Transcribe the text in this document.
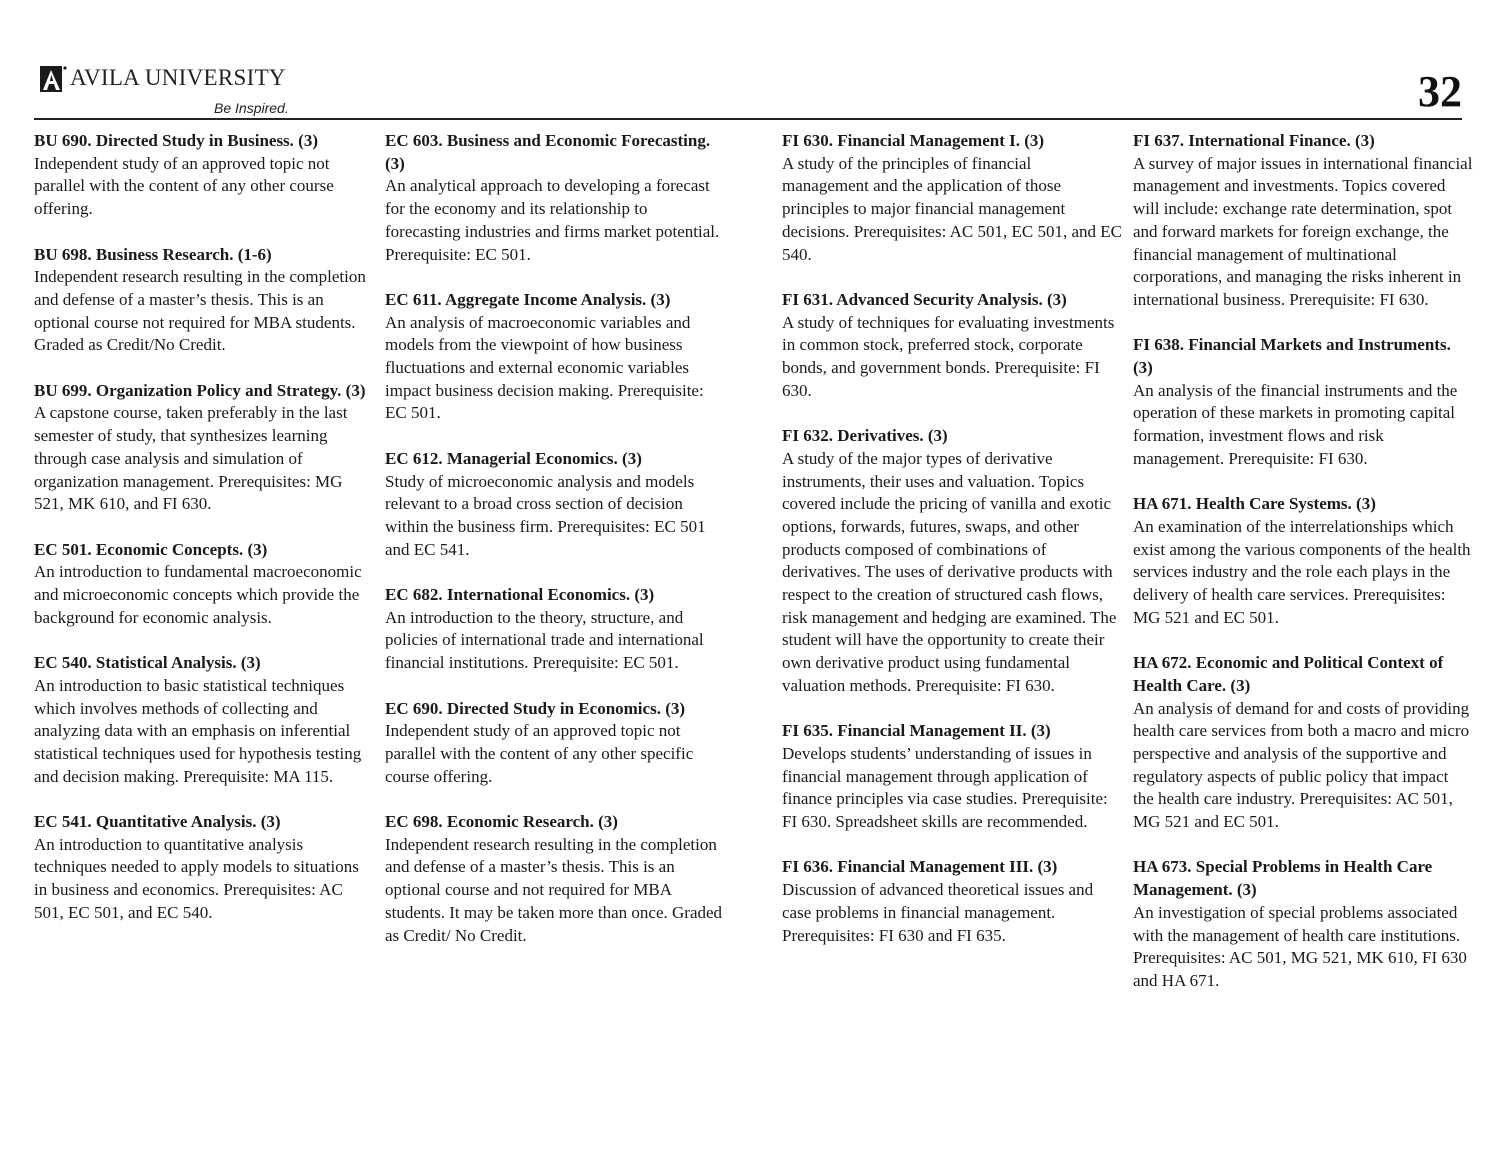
AVILA UNIVERSITY
Be Inspired.	32
BU 690. Directed Study in Business. (3)
Independent study of an approved topic not parallel with the content of any other course offering.
BU 698. Business Research. (1-6)
Independent research resulting in the completion and defense of a master’s thesis. This is an optional course not required for MBA students. Graded as Credit/No Credit.
BU 699. Organization Policy and Strategy. (3)
A capstone course, taken preferably in the last semester of study, that synthesizes learning through case analysis and simulation of organization management. Prerequisites: MG 521, MK 610, and FI 630.
EC 501. Economic Concepts. (3)
An introduction to fundamental macroeconomic and microeconomic concepts which provide the background for economic analysis.
EC 540. Statistical Analysis. (3)
An introduction to basic statistical techniques which involves methods of collecting and analyzing data with an emphasis on inferential statistical techniques used for hypothesis testing and decision making. Prerequisite: MA 115.
EC 541. Quantitative Analysis. (3)
An introduction to quantitative analysis techniques needed to apply models to situations in business and economics. Prerequisites: AC 501, EC 501, and EC 540.
EC 603. Business and Economic Forecasting. (3)
An analytical approach to developing a forecast for the economy and its relationship to forecasting industries and firms market potential. Prerequisite: EC 501.
EC 611. Aggregate Income Analysis. (3)
An analysis of macroeconomic variables and models from the viewpoint of how business fluctuations and external economic variables impact business decision making. Prerequisite: EC 501.
EC 612. Managerial Economics. (3)
Study of microeconomic analysis and models relevant to a broad cross section of decision within the business firm. Prerequisites: EC 501 and EC 541.
EC 682. International Economics. (3)
An introduction to the theory, structure, and policies of international trade and international financial institutions. Prerequisite: EC 501.
EC 690. Directed Study in Economics. (3)
Independent study of an approved topic not parallel with the content of any other specific course offering.
EC 698. Economic Research. (3)
Independent research resulting in the completion and defense of a master’s thesis. This is an optional course and not required for MBA students. It may be taken more than once. Graded as Credit/ No Credit.
FI 630. Financial Management I. (3)
A study of the principles of financial management and the application of those principles to major financial management decisions. Prerequisites: AC 501, EC 501, and EC 540.
FI 631. Advanced Security Analysis. (3)
A study of techniques for evaluating investments in common stock, preferred stock, corporate bonds, and government bonds. Prerequisite: FI 630.
FI 632. Derivatives. (3)
A study of the major types of derivative instruments, their uses and valuation. Topics covered include the pricing of vanilla and exotic options, forwards, futures, swaps, and other products composed of combinations of derivatives. The uses of derivative products with respect to the creation of structured cash flows, risk management and hedging are examined. The student will have the opportunity to create their own derivative product using fundamental valuation methods. Prerequisite: FI 630.
FI 635. Financial Management II. (3)
Develops students’ understanding of issues in financial management through application of finance principles via case studies. Prerequisite: FI 630. Spreadsheet skills are recommended.
FI 636. Financial Management III. (3)
Discussion of advanced theoretical issues and case problems in financial management. Prerequisites: FI 630 and FI 635.
FI 637. International Finance. (3)
A survey of major issues in international financial management and investments. Topics covered will include: exchange rate determination, spot and forward markets for foreign exchange, the financial management of multinational corporations, and managing the risks inherent in international business. Prerequisite: FI 630.
FI 638. Financial Markets and Instruments. (3)
An analysis of the financial instruments and the operation of these markets in promoting capital formation, investment flows and risk management. Prerequisite: FI 630.
HA 671. Health Care Systems. (3)
An examination of the interrelationships which exist among the various components of the health services industry and the role each plays in the delivery of health care services. Prerequisites: MG 521 and EC 501.
HA 672. Economic and Political Context of Health Care. (3)
An analysis of demand for and costs of providing health care services from both a macro and micro perspective and analysis of the supportive and regulatory aspects of public policy that impact the health care industry. Prerequisites: AC 501, MG 521 and EC 501.
HA 673. Special Problems in Health Care Management. (3)
An investigation of special problems associated with the management of health care institutions. Prerequisites: AC 501, MG 521, MK 610, FI 630 and HA 671.
